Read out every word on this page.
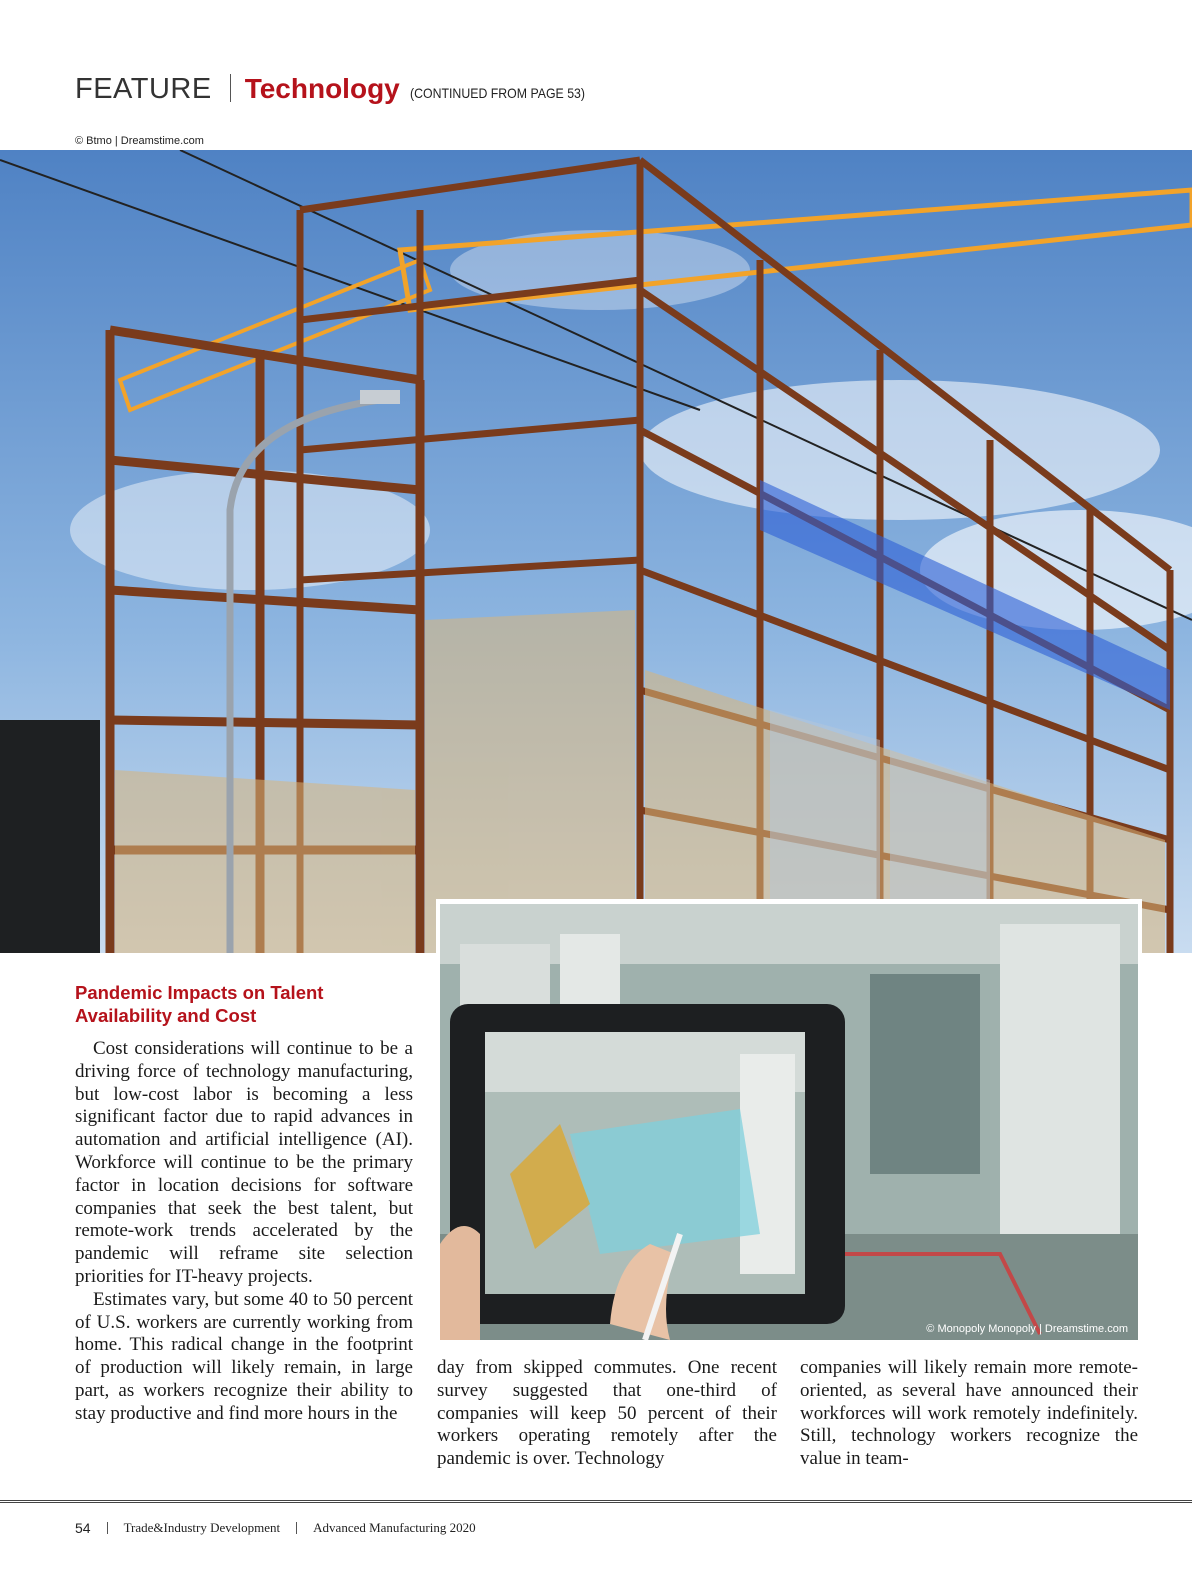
FEATURE Technology (CONTINUED FROM PAGE 53)
© Btmo | Dreamstime.com
© Monopoly Monopoly | Dreamstime.com
Pandemic Impacts on Talent Availability and Cost

Cost considerations will continue to be a driving force of technology manufacturing, but low-cost labor is becoming a less significant factor due to rapid advances in automation and artificial intelligence (AI). Workforce will continue to be the primary factor in location decisions for software companies that seek the best talent, but remote-work trends accelerated by the pandemic will reframe site selection priorities for IT-heavy projects.

Estimates vary, but some 40 to 50 percent of U.S. workers are currently working from home. This radical change in the footprint of production will likely remain, in large part, as workers recognize their ability to stay productive and find more hours in the

day from skipped commutes. One recent survey suggested that one-third of companies will keep 50 percent of their workers operating remotely after the pandemic is over. Technology

companies will likely remain more remote-oriented, as several have announced their workforces will work remotely indefinitely. Still, technology workers recognize the value in team-

54	Trade&Industry Development	Advanced Manufacturing 2020
